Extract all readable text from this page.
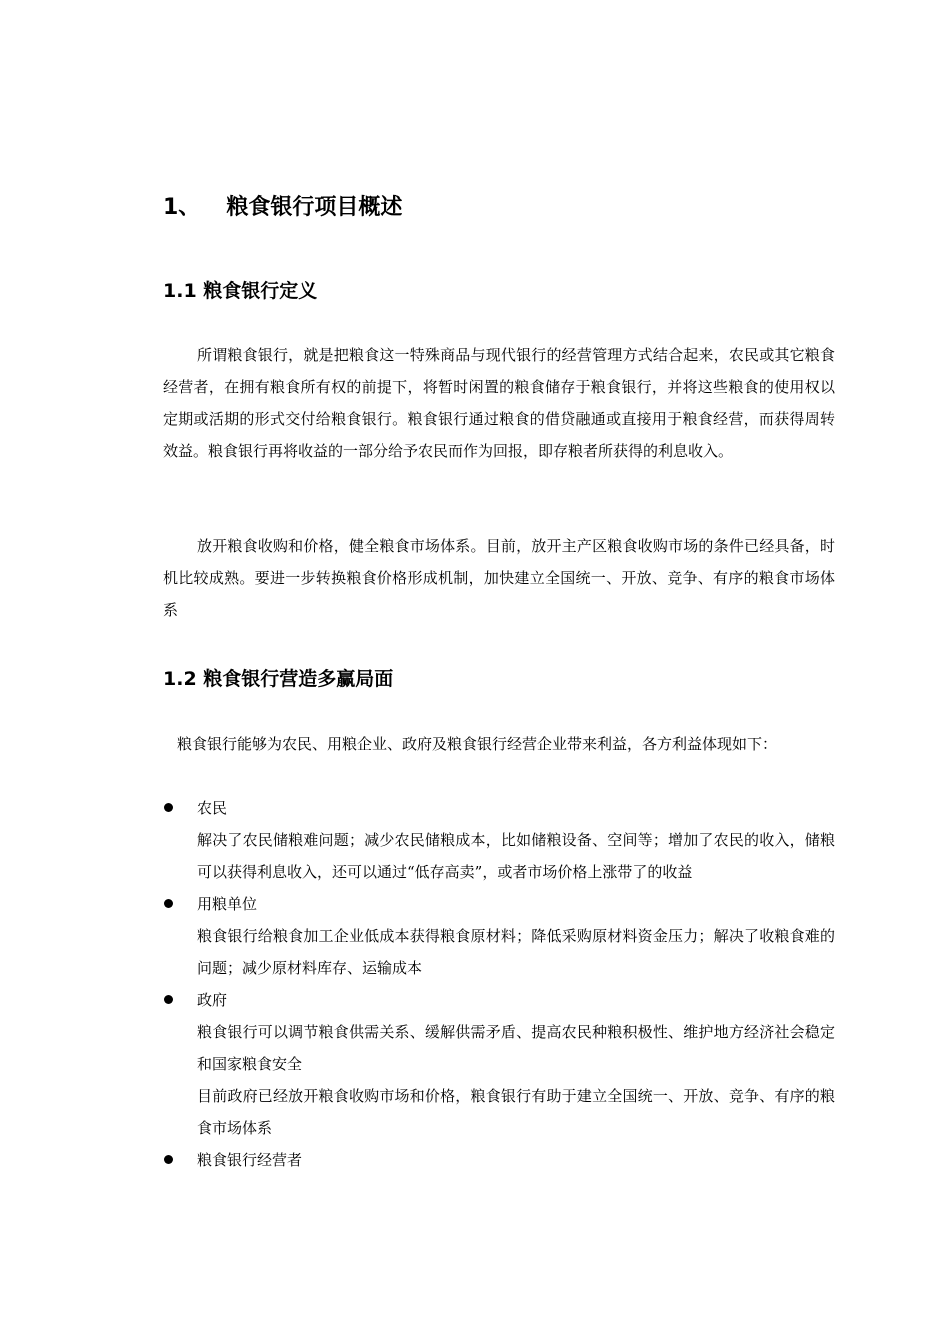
1、 粮食银行项目概述
1.1 粮食银行定义

所谓粮食银行，就是把粮食这一特殊商品与现代银行的经营管理方式结合起来，农民或其它粮食经营者，在拥有粮食所有权的前提下，将暂时闲置的粮食储存于粮食银行，并将这些粮食的使用权以定期或活期的形式交付给粮食银行。粮食银行通过粮食的借贷融通或直接用于粮食经营，而获得周转效益。粮食银行再将收益的一部分给予农民而作为回报，即存粮者所获得的利息收入。

放开粮食收购和价格，健全粮食市场体系。目前，放开主产区粮食收购市场的条件已经具备，时机比较成熟。要进一步转换粮食价格形成机制，加快建立全国统一、开放、竞争、有序的粮食市场体系

1.2 粮食银行营造多赢局面

粮食银行能够为农民、用粮企业、政府及粮食银行经营企业带来利益，各方利益体现如下：

农民

解决了农民储粮难问题；减少农民储粮成本，比如储粮设备、空间等；增加了农民的收入，储粮可以获得利息收入，还可以通过“低存高卖”，或者市场价格上涨带了的收益

用粮单位

粮食银行给粮食加工企业低成本获得粮食原材料；降低采购原材料资金压力；解决了收粮食难的问题；减少原材料库存、运输成本

政府

粮食银行可以调节粮食供需关系、缓解供需矛盾、提高农民种粮积极性、维护地方经济社会稳定和国家粮食安全

目前政府已经放开粮食收购市场和价格，粮食银行有助于建立全国统一、开放、竞争、有序的粮食市场体系

粮食银行经营者
